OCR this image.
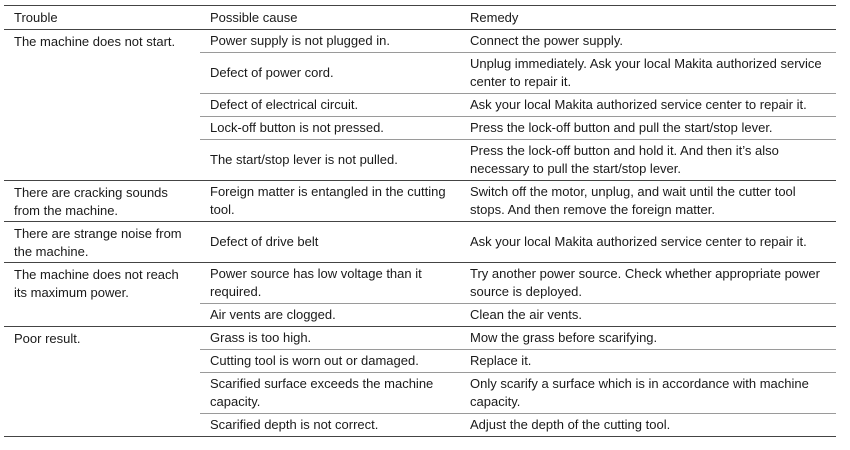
Trouble	Possible cause	Remedy
The machine does not start.	Power supply is not plugged in.	Connect the power supply.
	Defect of power cord.	Unplug immediately. Ask your local Makita authorized service center to repair it.
	Defect of electrical circuit.	Ask your local Makita authorized service center to repair it.
	Lock-off button is not pressed.	Press the lock-off button and pull the start/stop lever.
	The start/stop lever is not pulled.	Press the lock-off button and hold it. And then it’s also necessary to pull the start/stop lever.
There are cracking sounds from the machine.	Foreign matter is entangled in the cutting tool.	Switch off the motor, unplug, and wait until the cutter tool stops. And then remove the foreign matter.
There are strange noise from the machine.	Defect of drive belt	Ask your local Makita authorized service center to repair it.
The machine does not reach its maximum power.	Power source has low voltage than it required.	Try another power source. Check whether appropriate power source is deployed.
	Air vents are clogged.	Clean the air vents.
Poor result.	Grass is too high.	Mow the grass before scarifying.
	Cutting tool is worn out or damaged.	Replace it.
	Scarified surface exceeds the machine capacity.	Only scarify a surface which is in accordance with machine capacity.
	Scarified depth is not correct.	Adjust the depth of the cutting tool.
